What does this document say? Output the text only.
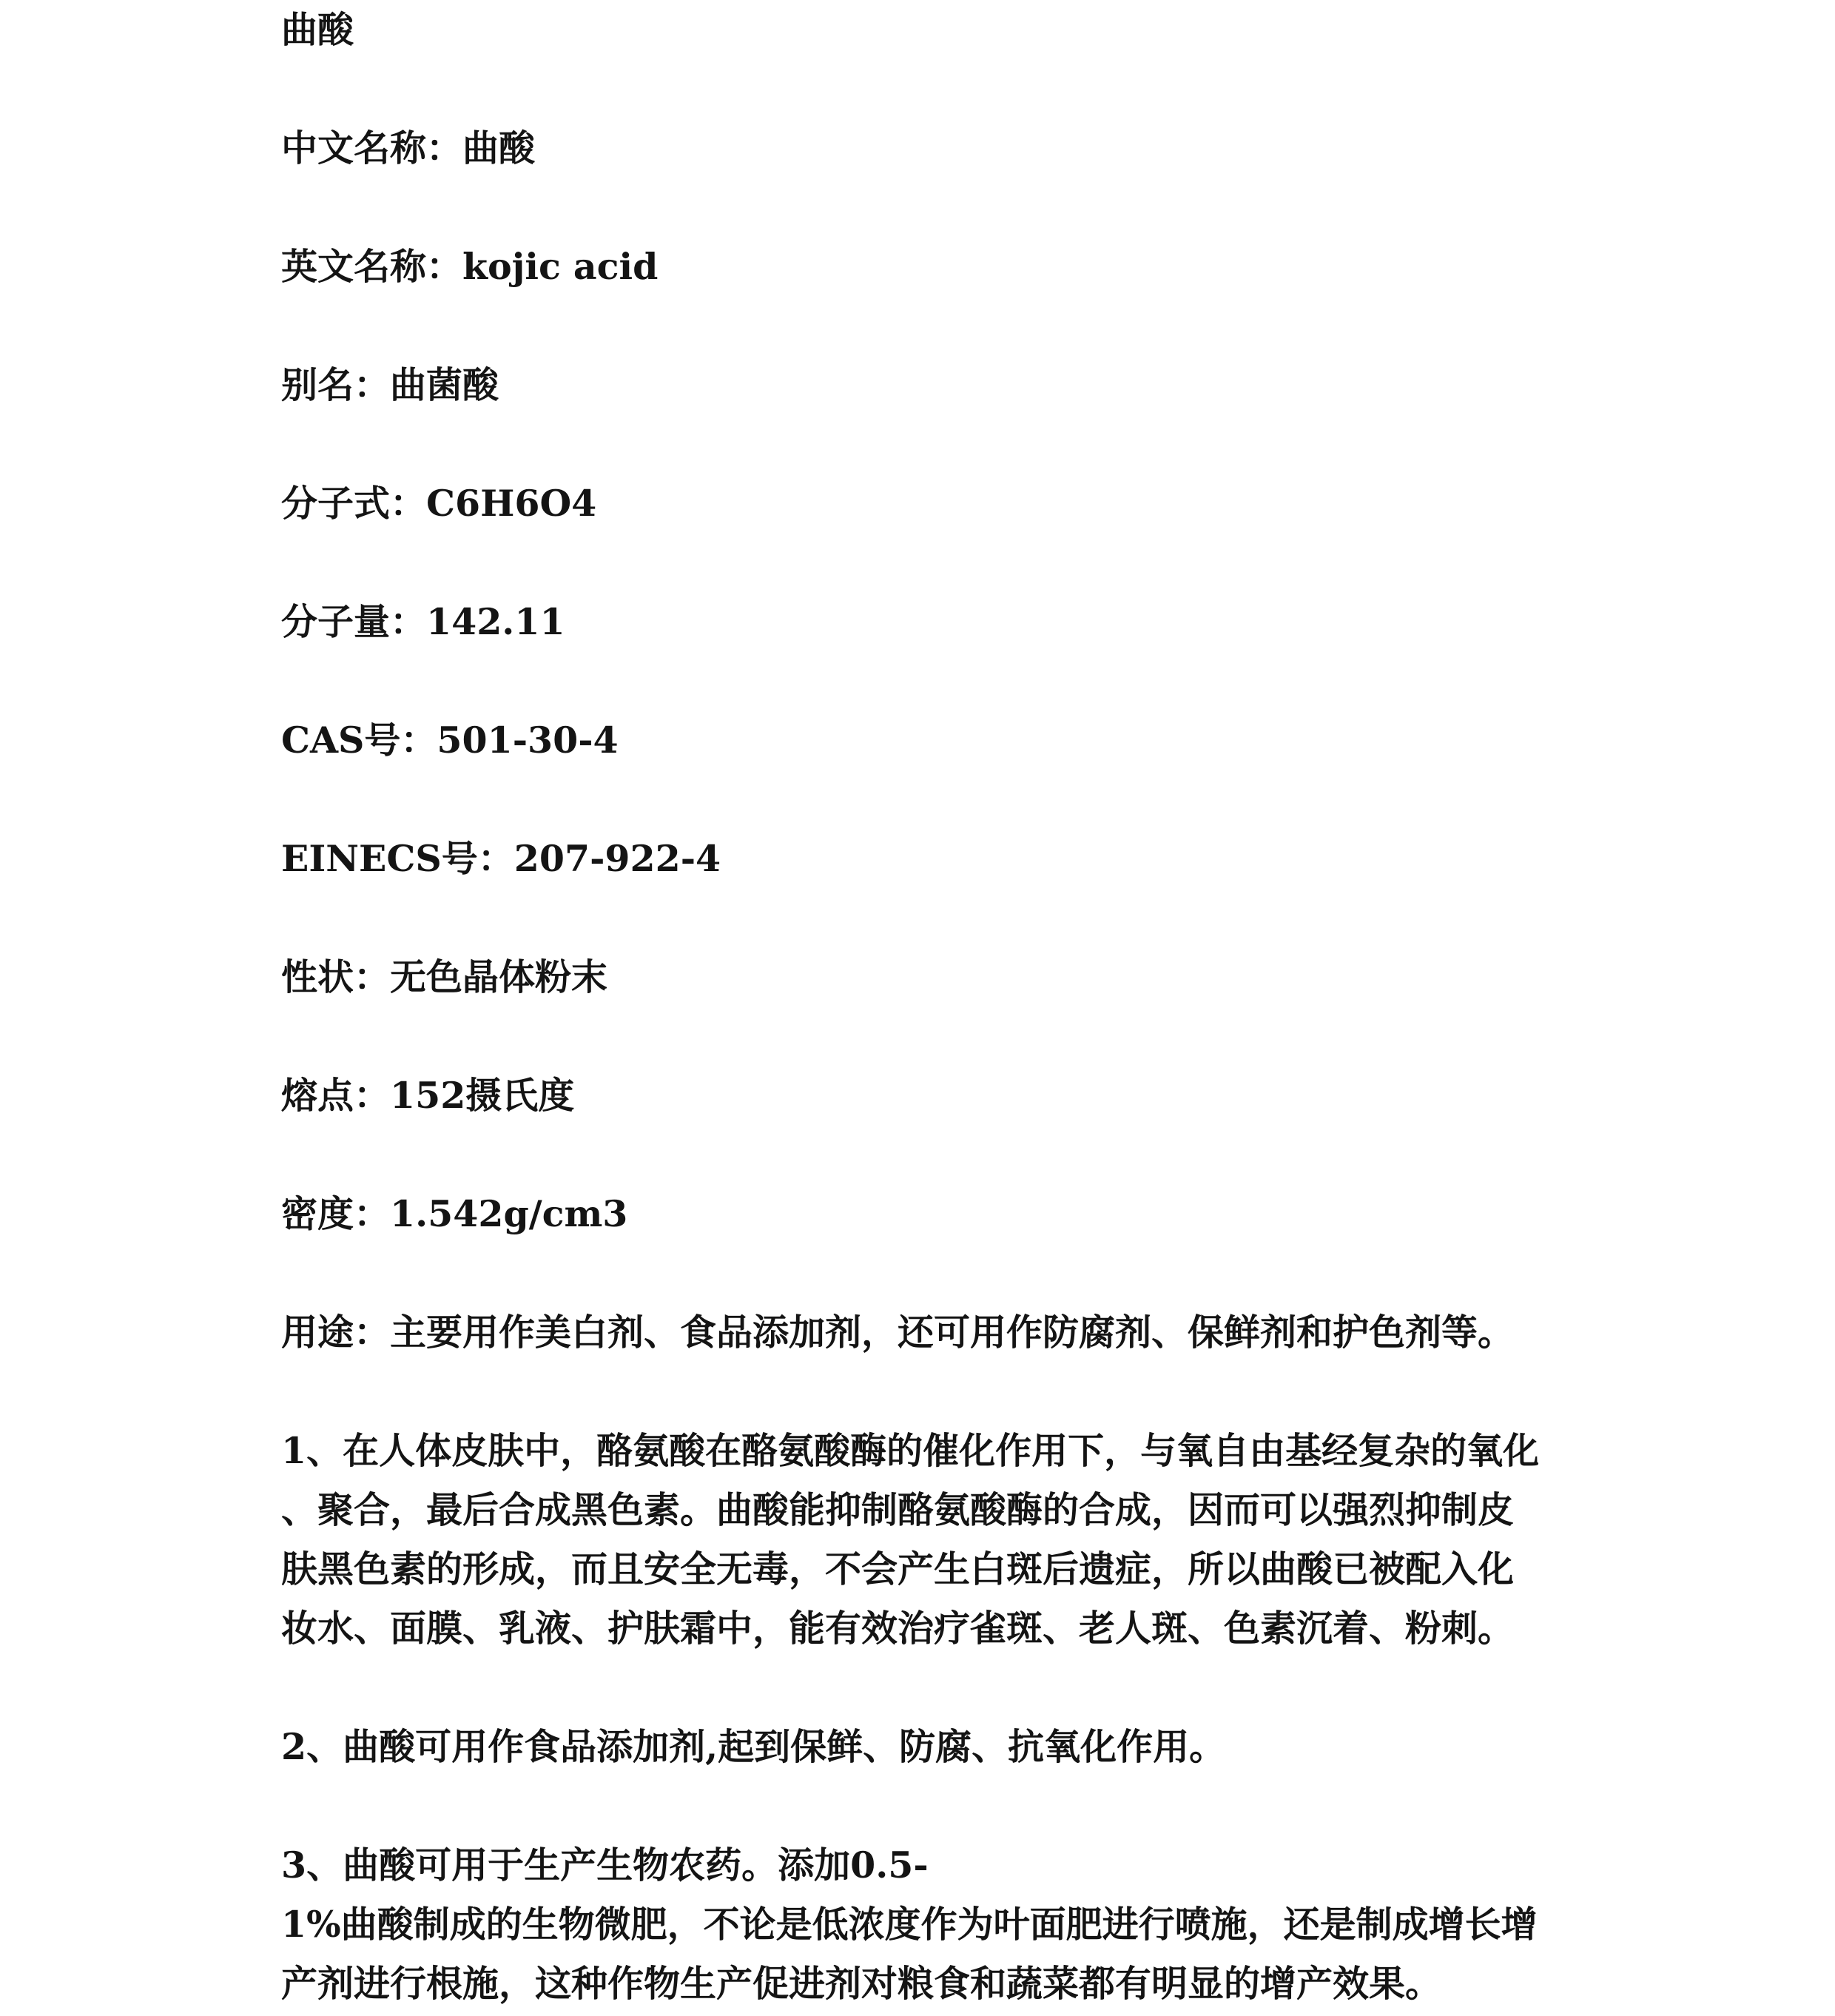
曲酸
中文名称：曲酸
英文名称：kojic acid
别名：曲菌酸
分子式：C6H6O4
分子量：142.11
CAS号：501-30-4
EINECS号：207-922-4
性状：无色晶体粉末
熔点：152摄氏度
密度：1.542g/cm3
用途：主要用作美白剂、食品添加剂，还可用作防腐剂、保鲜剂和护色剂等。
1、在人体皮肤中，酪氨酸在酪氨酸酶的催化作用下，与氧自由基经复杂的氧化
、聚合，最后合成黑色素。曲酸能抑制酪氨酸酶的合成，因而可以强烈抑制皮
肤黑色素的形成，而且安全无毒，不会产生白斑后遗症，所以曲酸已被配入化
妆水、面膜、乳液、护肤霜中，能有效治疗雀斑、老人斑、色素沉着、粉刺。
2、曲酸可用作食品添加剂,起到保鲜、防腐、抗氧化作用。
3、曲酸可用于生产生物农药。添加0.5-
1%曲酸制成的生物微肥，不论是低浓度作为叶面肥进行喷施，还是制成增长增
产剂进行根施，这种作物生产促进剂对粮食和蔬菜都有明显的增产效果。
